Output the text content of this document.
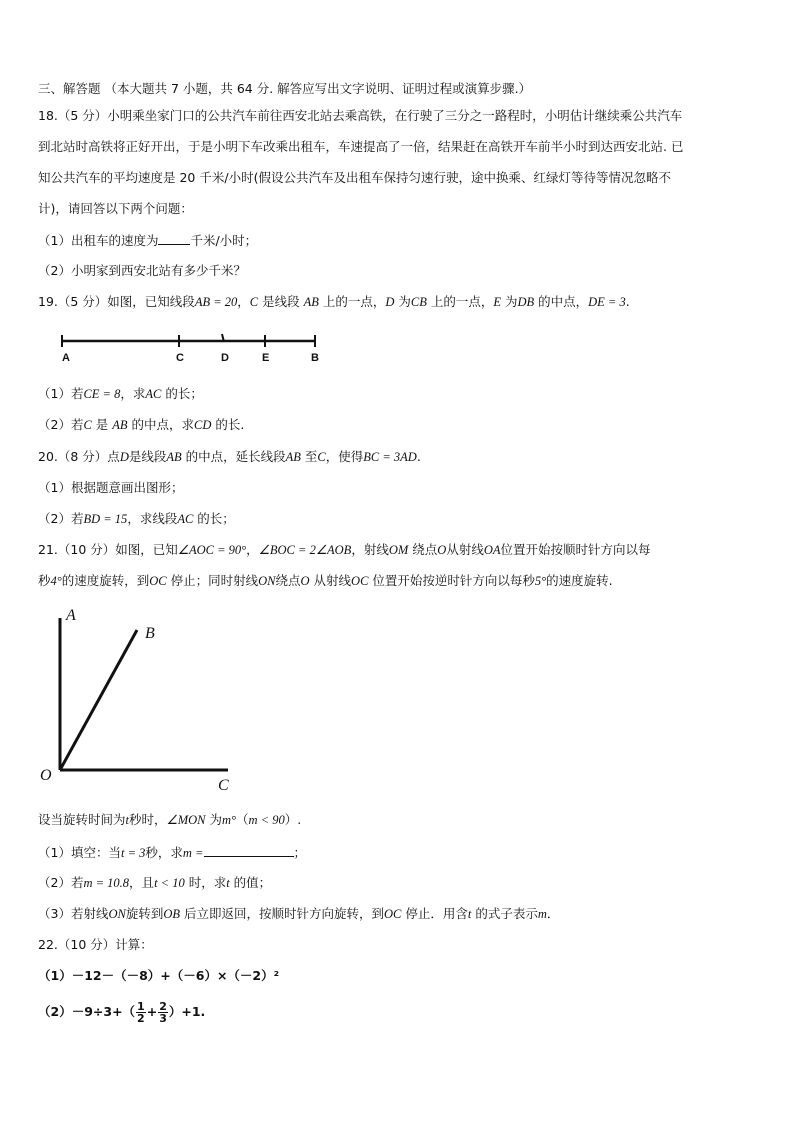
三、解答题 （本大题共 7 小题，共 64 分. 解答应写出文字说明、证明过程或演算步骤.）
18.（5 分）小明乘坐家门口的公共汽车前往西安北站去乘高铁，在行驶了三分之一路程时，小明估计继续乘公共汽车
到北站时高铁将正好开出，于是小明下车改乘出租车，车速提高了一倍，结果赶在高铁开车前半小时到达西安北站. 已
知公共汽车的平均速度是 20 千米/小时(假设公共汽车及出租车保持匀速行驶，途中换乘、红绿灯等待等情况忽略不
计)，请回答以下两个问题：
（1）出租车的速度为	千米/小时；
（2）小明家到西安北站有多少千米？
19.（5 分）如图，已知线段AB = 20，C 是线段 AB 上的一点，D 为CB 上的一点，E 为DB 的中点，DE = 3.
A	C	D	E	B
（1）若CE = 8，求AC 的长；
（2）若C 是 AB 的中点，求CD 的长.
20.（8 分）点D是线段AB 的中点，延长线段AB 至C，使得BC = 3AD.
（1）根据题意画出图形；
（2）若BD = 15，求线段AC 的长；
21.（10 分）如图，已知∠AOC = 90°，∠BOC = 2∠AOB，射线OM 绕点O从射线OA位置开始按顺时针方向以每
秒4°的速度旋转，到OC 停止；同时射线ON绕点O 从射线OC 位置开始按逆时针方向以每秒5°的速度旋转.
A
B
O
C
设当旋转时间为t秒时，∠MON 为m°（m < 90）.
（1）填空：当t = 3秒，求m =	；
（2）若m = 10.8，且t < 10 时，求t 的值；
（3）若射线ON旋转到OB 后立即返回，按顺时针方向旋转，到OC 停止．用含t 的式子表示m．
22.（10 分）计算：
（1）－12－（－8）+（－6）×（－2）²
$(2)-9\div 3+( \frac{1}{2} + \frac{2}{3} )+1$.
